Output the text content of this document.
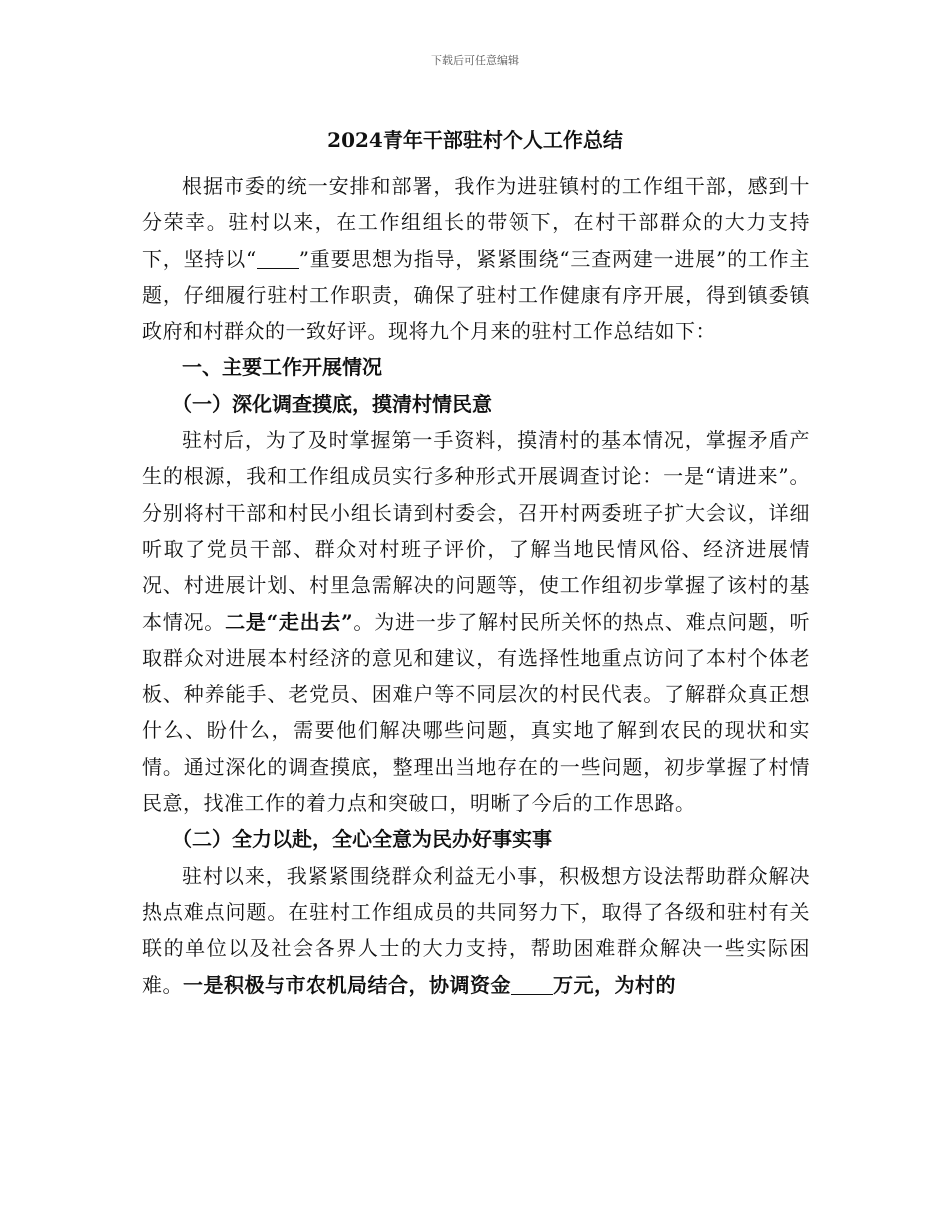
下载后可任意编辑
2024青年干部驻村个人工作总结

根据市委的统一安排和部署，我作为进驻镇村的工作组干部，感到十分荣幸。驻村以来，在工作组组长的带领下，在村干部群众的大力支持下，坚持以“ ”重要思想为指导，紧紧围绕“三查两建一进展”的工作主题，仔细履行驻村工作职责，确保了驻村工作健康有序开展，得到镇委镇政府和村群众的一致好评。现将九个月来的驻村工作总结如下：

一、主要工作开展情况

（一）深化调查摸底，摸清村情民意

驻村后，为了及时掌握第一手资料，摸清村的基本情况，掌握矛盾产生的根源，我和工作组成员实行多种形式开展调查讨论：一是“请进来”。分别将村干部和村民小组长请到村委会，召开村两委班子扩大会议，详细听取了党员干部、群众对村班子评价，了解当地民情风俗、经济进展情况、村进展计划、村里急需解决的问题等，使工作组初步掌握了该村的基本情况。二是“走出去”。为进一步了解村民所关怀的热点、难点问题，听取群众对进展本村经济的意见和建议，有选择性地重点访问了本村个体老板、种养能手、老党员、困难户等不同层次的村民代表。了解群众真正想什么、盼什么，需要他们解决哪些问题，真实地了解到农民的现状和实情。通过深化的调查摸底，整理出当地存在的一些问题，初步掌握了村情民意，找准工作的着力点和突破口，明晰了今后的工作思路。

（二）全力以赴，全心全意为民办好事实事

驻村以来，我紧紧围绕群众利益无小事，积极想方设法帮助群众解决热点难点问题。在驻村工作组成员的共同努力下，取得了各级和驻村有关联的单位以及社会各界人士的大力支持，帮助困难群众解决一些实际困难。一是积极与市农机局结合，协调资金 万元，为村的
